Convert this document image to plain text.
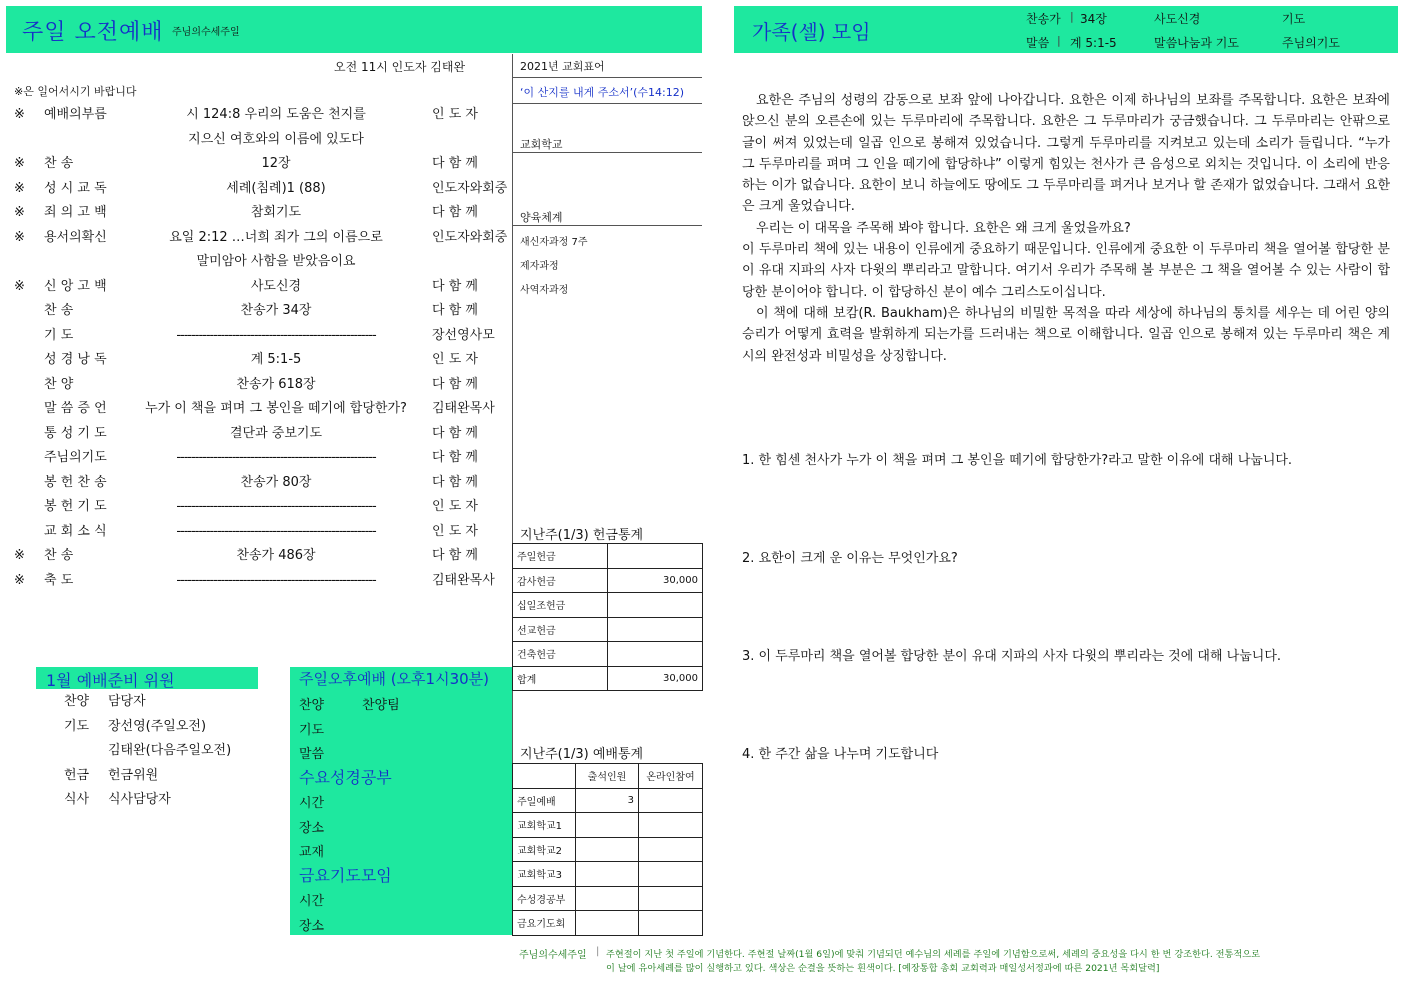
주일 오전예배 주님의수세주일	가족(셀) 모임
찬송가 | 34장	사도신경	기도
말씀 | 계 5:1-5	말씀나눔과 기도	주님의기도
오전 11시 인도자 김태완
※은 일어서시기 바랍니다
※ 예배의부름	시 124:8 우리의 도움은 천지를	인 도 자
지으신 여호와의 이름에 있도다
※ 찬 송	12장	다 함 께
※ 성 시 교 독	세례(침례)1 (88)	인도자와회중
※ 죄 의 고 백	참회기도	다 함 께
※ 용서의확신	요일 2:12 …너희 죄가 그의 이름으로	인도자와회중
말미암아 사함을 받았음이요
※ 신 앙 고 백	사도신경	다 함 께
찬 송	찬송가 34장	다 함 께
기 도	------------------------------------------------------	장선영사모
성 경 낭 독	계 5:1-5	인 도 자
찬 양	찬송가 618장	다 함 께
말 씀 증 언	누가 이 책을 펴며 그 봉인을 떼기에 합당한가?	김태완목사
통 성 기 도	결단과 중보기도	다 함 께
주님의기도	------------------------------------------------------	다 함 께
봉 헌 찬 송	찬송가 80장	다 함 께
봉 헌 기 도	------------------------------------------------------	인 도 자
교 회 소 식	------------------------------------------------------	인 도 자
※ 찬 송	찬송가 486장	다 함 께
※ 축 도	------------------------------------------------------	김태완목사
2021년 교회표어
‘이 산지를 내게 주소서’(수14:12)
교회학교
양육체계
새신자과정 7주
제자과정
사역자과정
지난주(1/3) 헌금통계
주일헌금	
감사헌금	30,000
십일조헌금	
선교헌금	
건축헌금	
합계	30,000
지난주(1/3) 예배통계
	출석인원	온라인참여
주일예배	3	
교회학교1		
교회학교2		
교회학교3		
수성경공부		
금요기도회		
1월 예배준비 위원
찬양 담당자
기도 장선영(주일오전)
김태완(다음주일오전)
헌금 헌금위원
식사 식사담당자
주일오후예배 (오후1시30분)
찬양	찬양팀
기도
말씀
수요성경공부
시간
장소
교재
금요기도모임
시간
장소

요한은 주님의 성령의 감동으로 보좌 앞에 나아갑니다. 요한은 이제 하나님의 보좌를 주목합니다. 요한은 보좌에 앉으신 분의 오른손에 있는 두루마리에 주목합니다. 요한은 그 두루마리가 궁금했습니다. 그 두루마리는 안팎으로 글이 써져 있었는데 일곱 인으로 봉해져 있었습니다. 그렇게 두루마리를 지켜보고 있는데 소리가 들립니다. “누가 그 두루마리를 펴며 그 인을 떼기에 합당하냐” 이렇게 힘있는 천사가 큰 음성으로 외치는 것입니다. 이 소리에 반응하는 이가 없습니다. 요한이 보니 하늘에도 땅에도 그 두루마리를 펴거나 보거나 할 존재가 없었습니다. 그래서 요한은 크게 울었습니다.

우리는 이 대목을 주목해 봐야 합니다. 요한은 왜 크게 울었을까요?

이 두루마리 책에 있는 내용이 인류에게 중요하기 때문입니다. 인류에게 중요한 이 두루마리 책을 열어볼 합당한 분이 유대 지파의 사자 다윗의 뿌리라고 말합니다. 여기서 우리가 주목해 볼 부분은 그 책을 열어볼 수 있는 사람이 합당한 분이어야 합니다. 이 합당하신 분이 예수 그리스도이십니다.

이 책에 대해 보캄(R. Baukham)은 하나님의 비밀한 목적을 따라 세상에 하나님의 통치를 세우는 데 어린 양의 승리가 어떻게 효력을 발휘하게 되는가를 드러내는 책으로 이해합니다. 일곱 인으로 봉해져 있는 두루마리 책은 계시의 완전성과 비밀성을 상징합니다.

1. 한 힘센 천사가 누가 이 책을 펴며 그 봉인을 떼기에 합당한가?라고 말한 이유에 대해 나눕니다.
2. 요한이 크게 운 이유는 무엇인가요?
3. 이 두루마리 책을 열어볼 합당한 분이 유대 지파의 사자 다윗의 뿌리라는 것에 대해 나눕니다.
4. 한 주간 삶을 나누며 기도합니다
주님의수세주일 | 주현절이 지난 첫 주일에 기념한다. 주현절 날짜(1월 6일)에 맞춰 기념되던 예수님의 세례를 주일에 기념함으로써, 세례의 중요성을 다시 한 번 강조한다. 전통적으로
이 날에 유아세례를 많이 실행하고 있다. 색상은 순결을 뜻하는 흰색이다. [예장통합 총회 교회력과 매일성서정과에 따른 2021년 목회달력]
